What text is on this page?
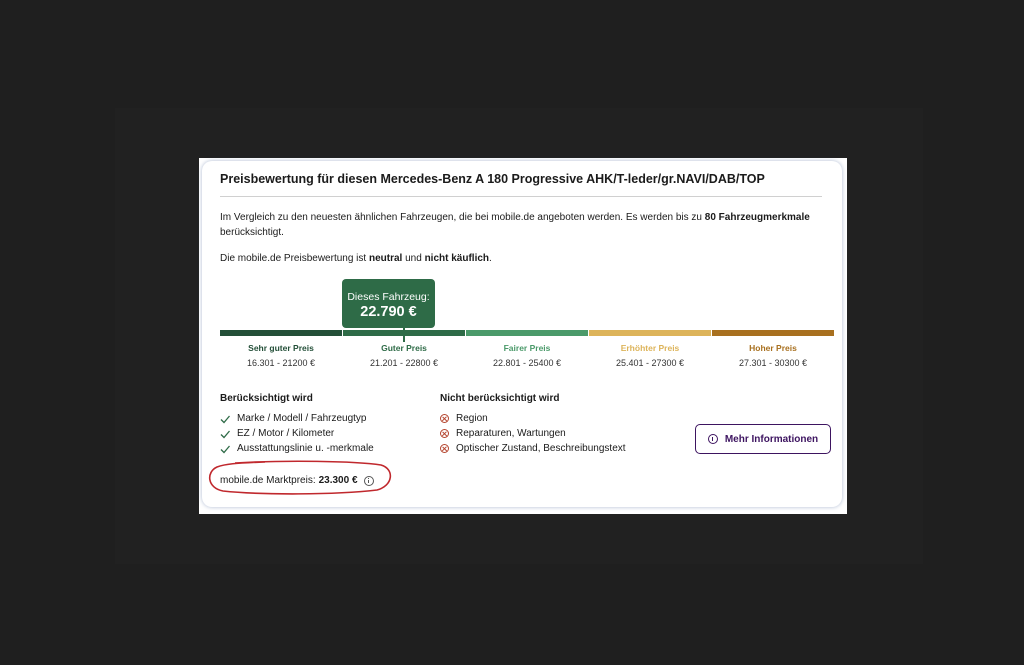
Preisbewertung für diesen Mercedes-Benz A 180 Progressive AHK/T-leder/gr.NAVI/DAB/TOP
Im Vergleich zu den neuesten ähnlichen Fahrzeugen, die bei mobile.de angeboten werden. Es werden bis zu 80 Fahrzeugmerkmale berücksichtigt.
Die mobile.de Preisbewertung ist neutral und nicht käuflich.
Dieses Fahrzeug:
22.790 €
Sehr guter Preis
16.301 - 21200 €
Guter Preis
21.201 - 22800 €
Fairer Preis
22.801 - 25400 €
Erhöhter Preis
25.401 - 27300 €
Hoher Preis
27.301 - 30300 €
Berücksichtigt wird
Marke / Modell / Fahrzeugtyp
EZ / Motor / Kilometer
Ausstattungslinie u. -merkmale
Nicht berücksichtigt wird
Region
Reparaturen, Wartungen
Optischer Zustand, Beschreibungstext
Mehr Informationen
mobile.de Marktpreis: 23.300 €
